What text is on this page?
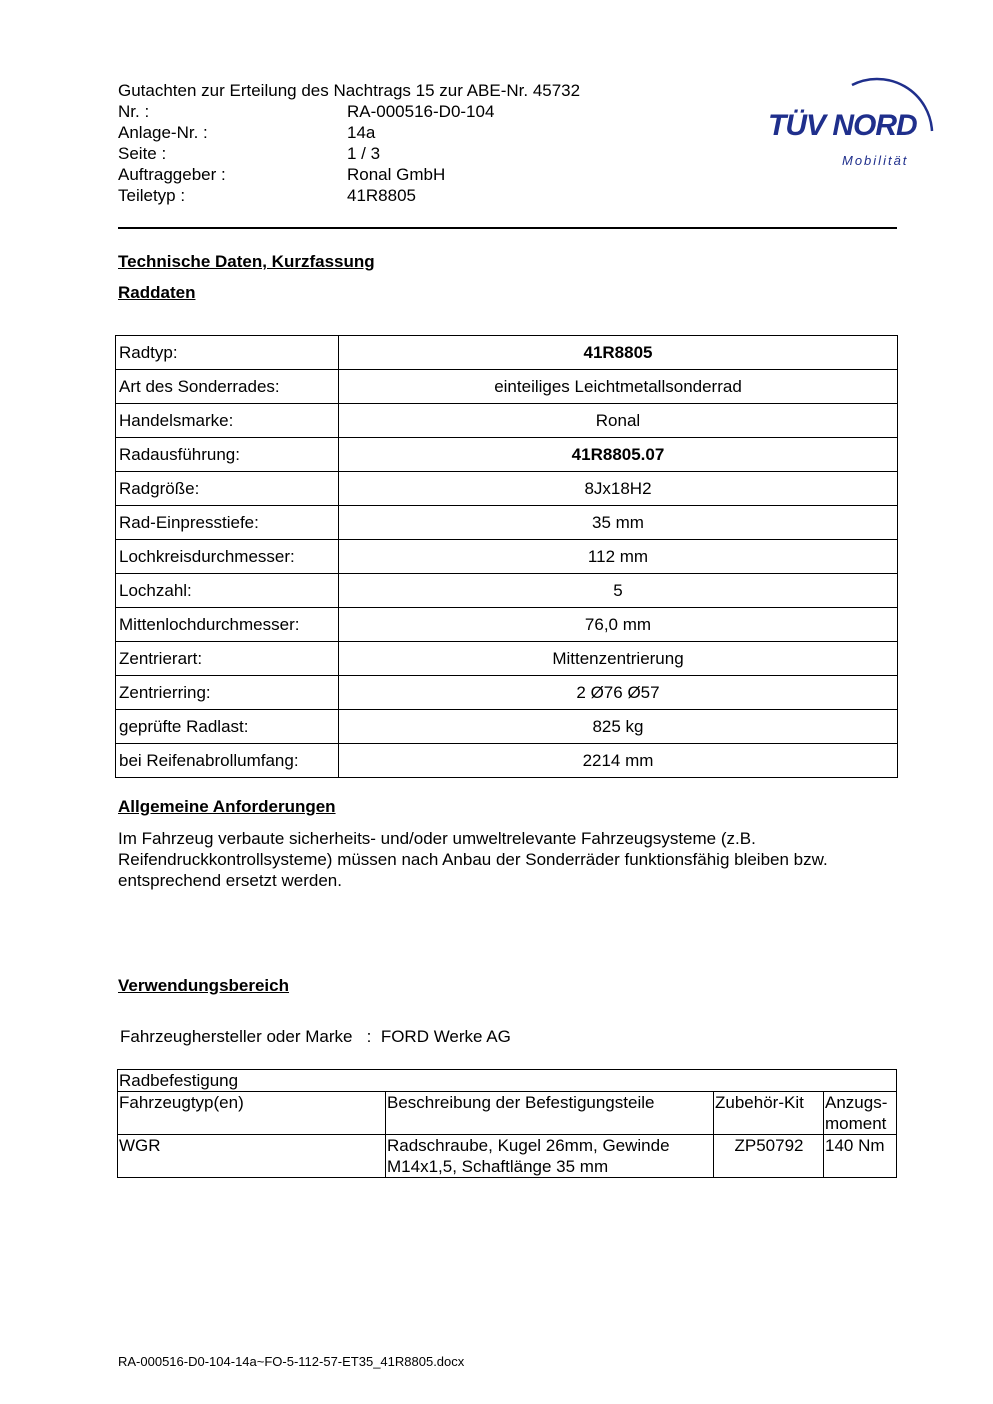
Gutachten zur Erteilung des Nachtrags 15 zur ABE-Nr. 45732
Nr. :	RA-000516-D0-104
Anlage-Nr. :	14a
Seite :	1 / 3
Auftraggeber :	Ronal GmbH
Teiletyp :	41R8805
TÜV NORD
Mobilität
Technische Daten, Kurzfassung
Raddaten
Radtyp:	41R8805
Art des Sonderrades:	einteiliges Leichtmetallsonderrad
Handelsmarke:	Ronal
Radausführung:	41R8805.07
Radgröße:	8Jx18H2
Rad-Einpresstiefe:	35 mm
Lochkreisdurchmesser:	112 mm
Lochzahl:	5
Mittenlochdurchmesser:	76,0 mm
Zentrierart:	Mittenzentrierung
Zentrierring:	2 Ø76 Ø57
geprüfte Radlast:	825 kg
bei Reifenabrollumfang:	2214 mm
Allgemeine Anforderungen
Im Fahrzeug verbaute sicherheits- und/oder umweltrelevante Fahrzeugsysteme (z.B. Reifendruckkontrollsysteme) müssen nach Anbau der Sonderräder funktionsfähig bleiben bzw. entsprechend ersetzt werden.
Verwendungsbereich
Fahrzeughersteller oder Marke : FORD Werke AG
Radbefestigung			
Fahrzeugtyp(en)	Beschreibung der Befestigungsteile	Zubehör-Kit	Anzugs-moment
WGR	Radschraube, Kugel 26mm, Gewinde M14x1,5, Schaftlänge 35 mm	ZP50792	140 Nm
RA-000516-D0-104-14a~FO-5-112-57-ET35_41R8805.docx
